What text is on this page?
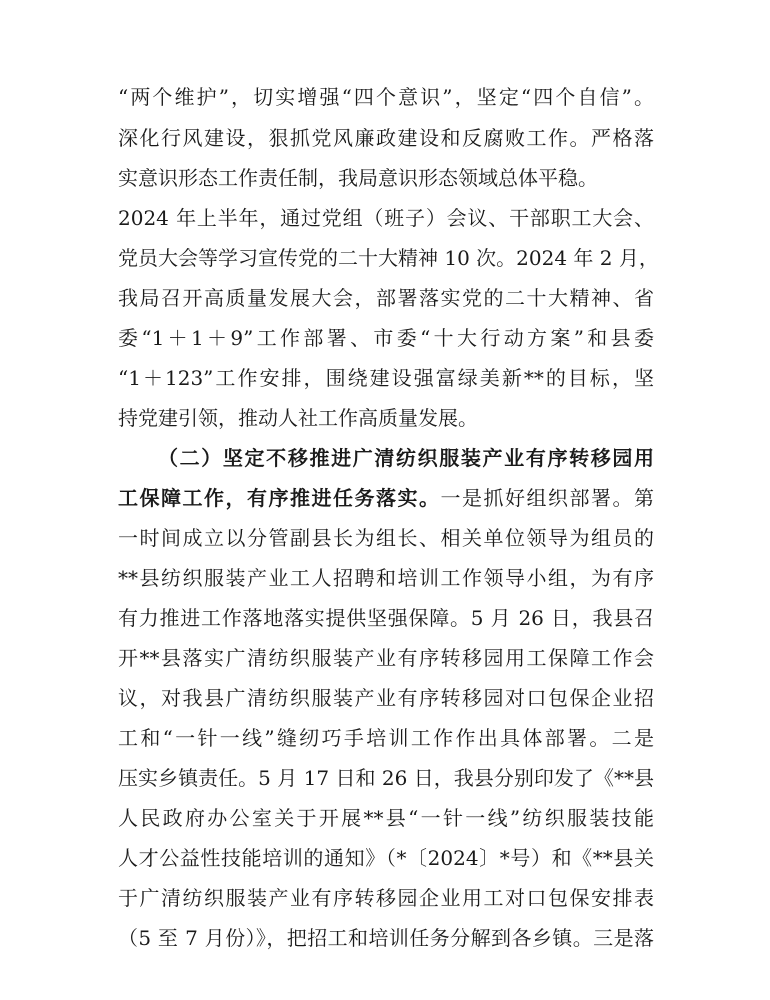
“两个维护”，切实增强“四个意识”，坚定“四个自信”。
深化行风建设，狠抓党风廉政建设和反腐败工作。严格落
实意识形态工作责任制，我局意识形态领域总体平稳。
2024 年上半年，通过党组（班子）会议、干部职工大会、
党员大会等学习宣传党的二十大精神 10 次。2024 年 2 月，
我局召开高质量发展大会，部署落实党的二十大精神、省
委“1＋1＋9”工作部署、市委“十大行动方案”和县委
“1＋123”工作安排，围绕建设强富绿美新**的目标，坚
持党建引领，推动人社工作高质量发展。
（二）坚定不移推进广清纺织服装产业有序转移园用
工保障工作，有序推进任务落实。一是抓好组织部署。第
一时间成立以分管副县长为组长、相关单位领导为组员的
**县纺织服装产业工人招聘和培训工作领导小组，为有序
有力推进工作落地落实提供坚强保障。5 月 26 日，我县召
开**县落实广清纺织服装产业有序转移园用工保障工作会
议，对我县广清纺织服装产业有序转移园对口包保企业招
工和“一针一线”缝纫巧手培训工作作出具体部署。二是
压实乡镇责任。5 月 17 日和 26 日，我县分别印发了《**县
人民政府办公室关于开展**县“一针一线”纺织服装技能
人才公益性技能培训的通知》（*〔2024〕*号）和《**县关
于广清纺织服装产业有序转移园企业用工对口包保安排表
（5 至 7 月份）》，把招工和培训任务分解到各乡镇。三是落
